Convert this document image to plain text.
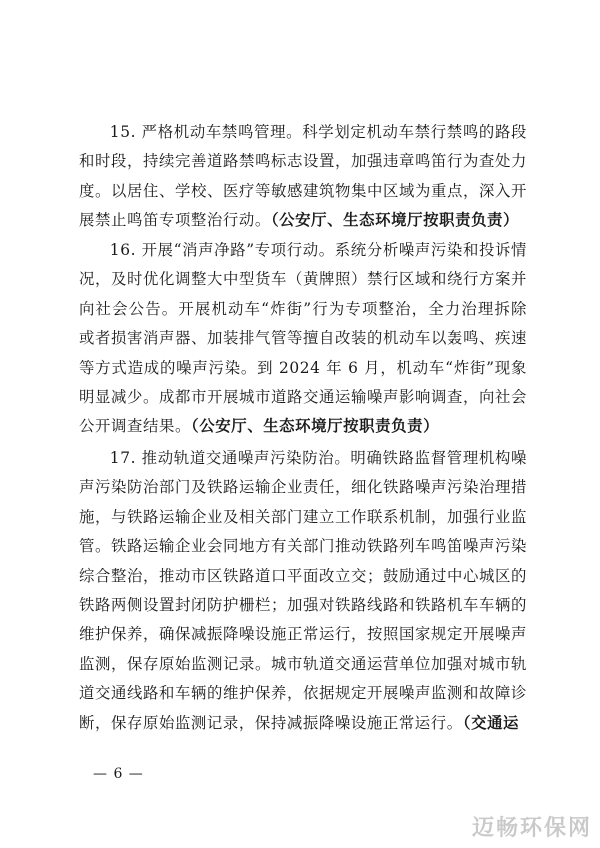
15. 严格机动车禁鸣管理。科学划定机动车禁行禁鸣的路段和时段，持续完善道路禁鸣标志设置，加强违章鸣笛行为查处力度。以居住、学校、医疗等敏感建筑物集中区域为重点，深入开展禁止鸣笛专项整治行动。（公安厅、生态环境厅按职责负责）

16. 开展“消声净路”专项行动。系统分析噪声污染和投诉情况，及时优化调整大中型货车（黄牌照）禁行区域和绕行方案并向社会公告。开展机动车“炸街”行为专项整治，全力治理拆除或者损害消声器、加装排气管等擅自改装的机动车以轰鸣、疾速等方式造成的噪声污染。到 2024 年 6 月，机动车“炸街”现象明显减少。成都市开展城市道路交通运输噪声影响调查，向社会公开调查结果。（公安厅、生态环境厅按职责负责）

17. 推动轨道交通噪声污染防治。明确铁路监督管理机构噪声污染防治部门及铁路运输企业责任，细化铁路噪声污染治理措施，与铁路运输企业及相关部门建立工作联系机制，加强行业监管。铁路运输企业会同地方有关部门推动铁路列车鸣笛噪声污染综合整治，推动市区铁路道口平面改立交；鼓励通过中心城区的铁路两侧设置封闭防护栅栏；加强对铁路线路和铁路机车车辆的维护保养，确保减振降噪设施正常运行，按照国家规定开展噪声监测，保存原始监测记录。城市轨道交通运营单位加强对城市轨道交通线路和车辆的维护保养，依据规定开展噪声监测和故障诊断，保存原始监测记录，保持减振降噪设施正常运行。（交通运

— 6 —
迈畅环保网
